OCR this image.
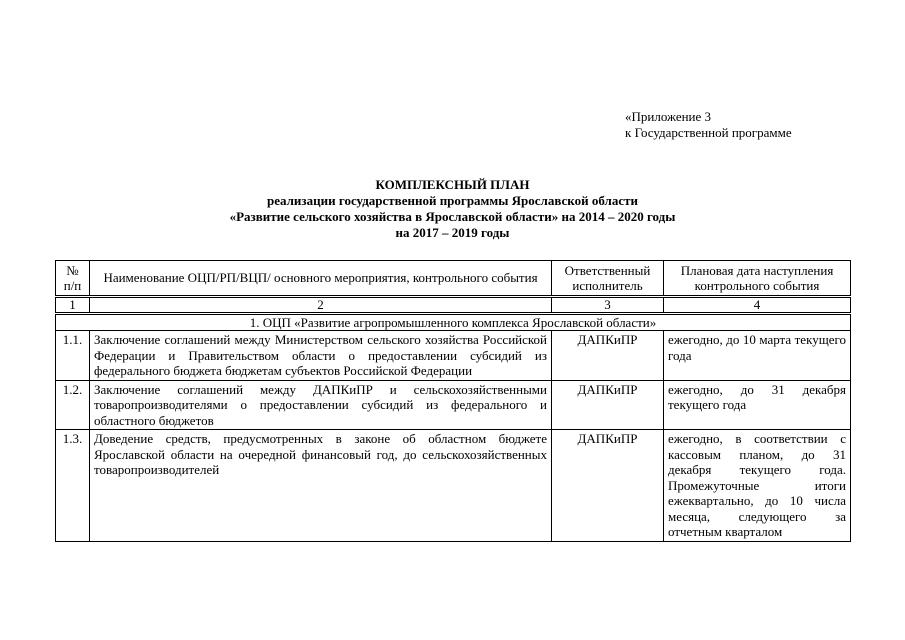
«Приложение 3
к Государственной программе
КОМПЛЕКСНЫЙ ПЛАН
реализации государственной программы Ярославской области
«Развитие сельского хозяйства в Ярославской области» на 2014 – 2020 годы
на 2017 – 2019 годы
№ п/п	Наименование ОЦП/РП/ВЦП/ основного мероприятия, контрольного события	Ответственный исполнитель	Плановая дата наступления контрольного события
1	2	3	4
1. ОЦП «Развитие агропромышленного комплекса Ярославской области»			
1.1.	Заключение соглашений между Министерством сельского хозяйства Российской Федерации и Правительством области о предоставлении субсидий из федерального бюджета бюджетам субъектов Российской Федерации	ДАПКиПР	ежегодно, до 10 марта текущего года
1.2.	Заключение соглашений между ДАПКиПР и сельскохозяйственными товаропроизводителями о предоставлении субсидий из федерального и областного бюджетов	ДАПКиПР	ежегодно, до 31 декабря текущего года
1.3.	Доведение средств, предусмотренных в законе об областном бюджете Ярославской области на очередной финансовый год, до сельскохозяйственных товаропроизводителей	ДАПКиПР	ежегодно, в соответствии с кассовым планом, до 31 декабря текущего года. Промежуточные итоги ежеквартально, до 10 числа месяца, следующего за отчетным кварталом
